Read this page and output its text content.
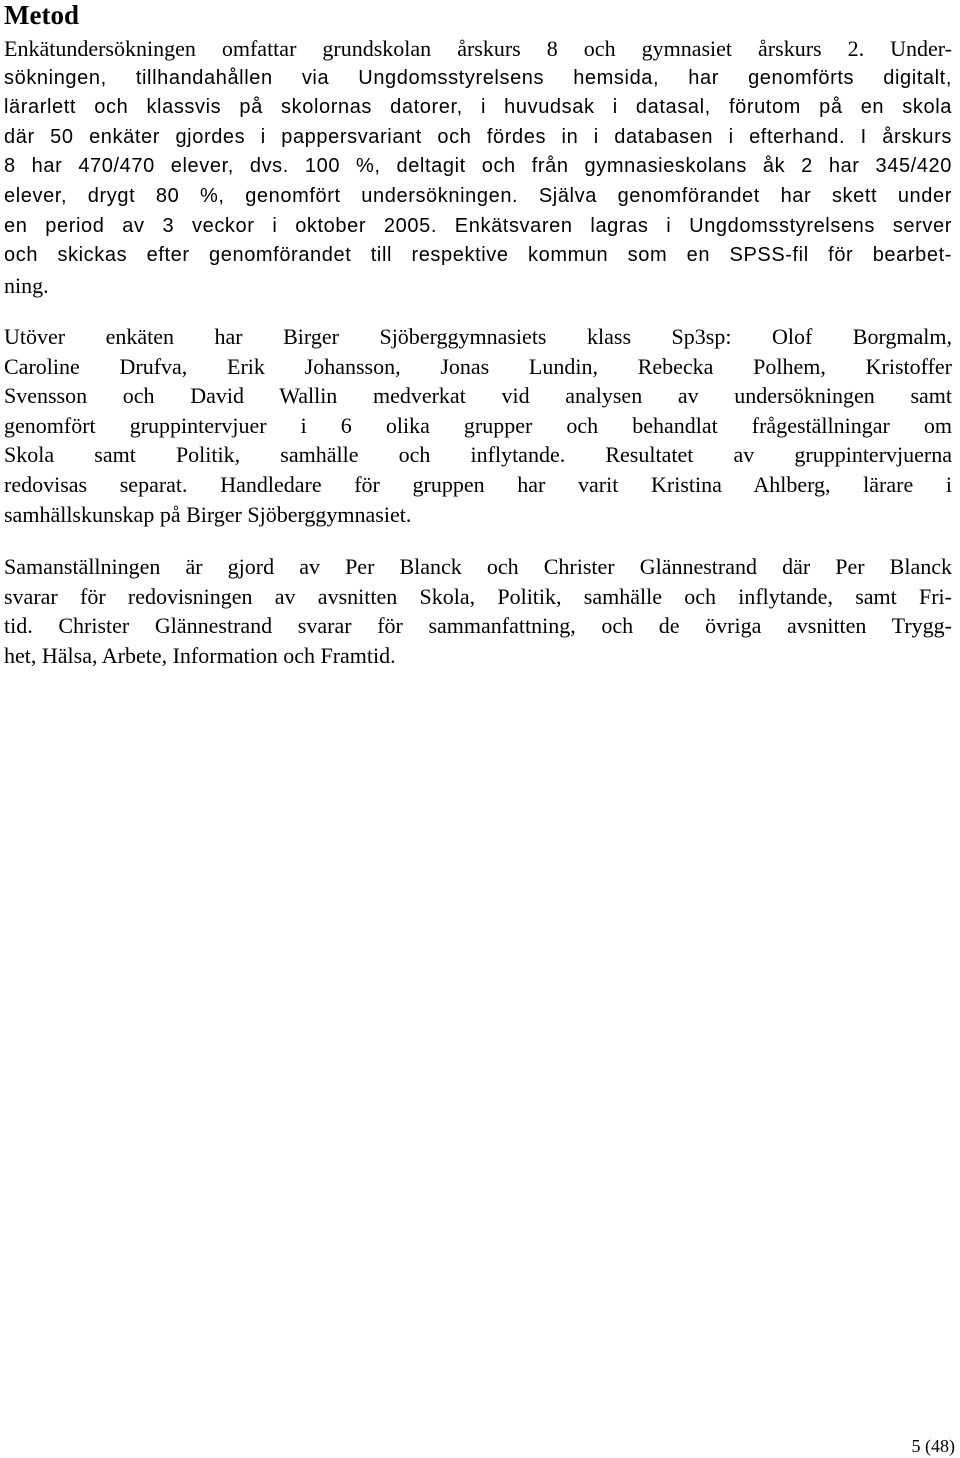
Metod
Enkätundersökningen omfattar grundskolan årskurs 8 och gymnasiet årskurs 2. Under-
sökningen, tillhandahållen via Ungdomsstyrelsens hemsida, har genomförts digitalt,
lärarlett och klassvis på skolornas datorer, i huvudsak i datasal, förutom på en skola
där 50 enkäter gjordes i pappersvariant och fördes in i databasen i efterhand. I årskurs
8 har 470/470 elever, dvs. 100 %, deltagit och från gymnasieskolans åk 2 har 345/420
elever, drygt 80 %, genomfört undersökningen. Själva genomförandet har skett under
en period av 3 veckor i oktober 2005. Enkätsvaren lagras i Ungdomsstyrelsens server
och skickas efter genomförandet till respektive kommun som en SPSS-fil för bearbet-
ning.
Utöver enkäten har Birger Sjöberggymnasiets klass Sp3sp: Olof Borgmalm,
Caroline Drufva, Erik Johansson, Jonas Lundin, Rebecka Polhem, Kristoffer
Svensson och David Wallin medverkat vid analysen av undersökningen samt
genomfört gruppintervjuer i 6 olika grupper och behandlat frågeställningar om
Skola samt Politik, samhälle och inflytande. Resultatet av gruppintervjuerna
redovisas separat. Handledare för gruppen har varit Kristina Ahlberg, lärare i
samhällskunskap på Birger Sjöberggymnasiet.
Samanställningen är gjord av Per Blanck och Christer Glännestrand där Per Blanck
svarar för redovisningen av avsnitten Skola, Politik, samhälle och inflytande, samt Fri-
tid. Christer Glännestrand svarar för sammanfattning, och de övriga avsnitten Trygg-
het, Hälsa, Arbete, Information och Framtid.
5 (48)
